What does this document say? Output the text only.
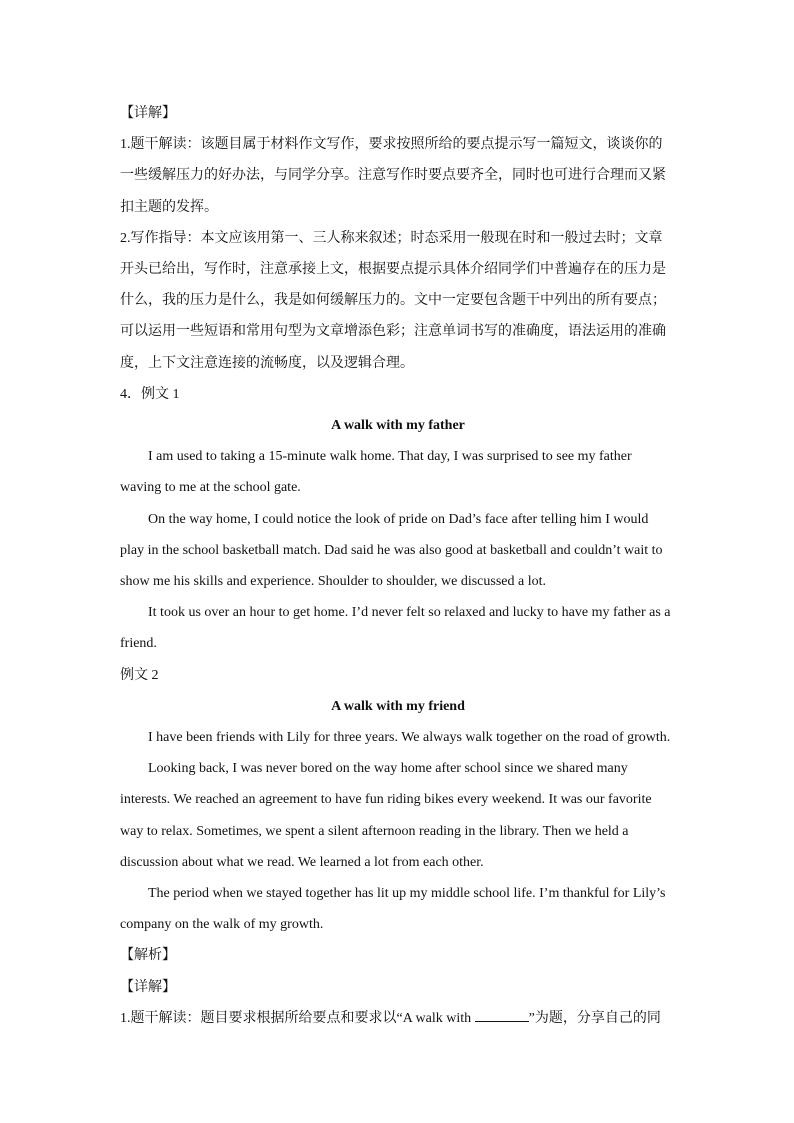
【详解】
1.题干解读：该题目属于材料作文写作，要求按照所给的要点提示写一篇短文，谈谈你的
一些缓解压力的好办法，与同学分享。注意写作时要点要齐全，同时也可进行合理而又紧
扣主题的发挥。
2.写作指导：本文应该用第一、三人称来叙述；时态采用一般现在时和一般过去时；文章
开头已给出，写作时，注意承接上文，根据要点提示具体介绍同学们中普遍存在的压力是
什么，我的压力是什么，我是如何缓解压力的。文中一定要包含题干中列出的所有要点；
可以运用一些短语和常用句型为文章增添色彩；注意单词书写的准确度，语法运用的准确
度，上下文注意连接的流畅度，以及逻辑合理。
4．例文 1
A walk with my father
I am used to taking a 15-minute walk home. That day, I was surprised to see my father
waving to me at the school gate.
On the way home, I could notice the look of pride on Dad’s face after telling him I would
play in the school basketball match. Dad said he was also good at basketball and couldn’t wait to
show me his skills and experience. Shoulder to shoulder, we discussed a lot.
It took us over an hour to get home. I’d never felt so relaxed and lucky to have my father as a
friend.
例文 2
A walk with my friend
I have been friends with Lily for three years. We always walk together on the road of growth.
Looking back, I was never bored on the way home after school since we shared many
interests. We reached an agreement to have fun riding bikes every weekend. It was our favorite
way to relax. Sometimes, we spent a silent afternoon reading in the library. Then we held a
discussion about what we read. We learned a lot from each other.
The period when we stayed together has lit up my middle school life. I’m thankful for Lily’s
company on the walk of my growth.
【解析】
【详解】
1.题干解读：题目要求根据所给要点和要求以“A walk with	”为题，分享自己的同
